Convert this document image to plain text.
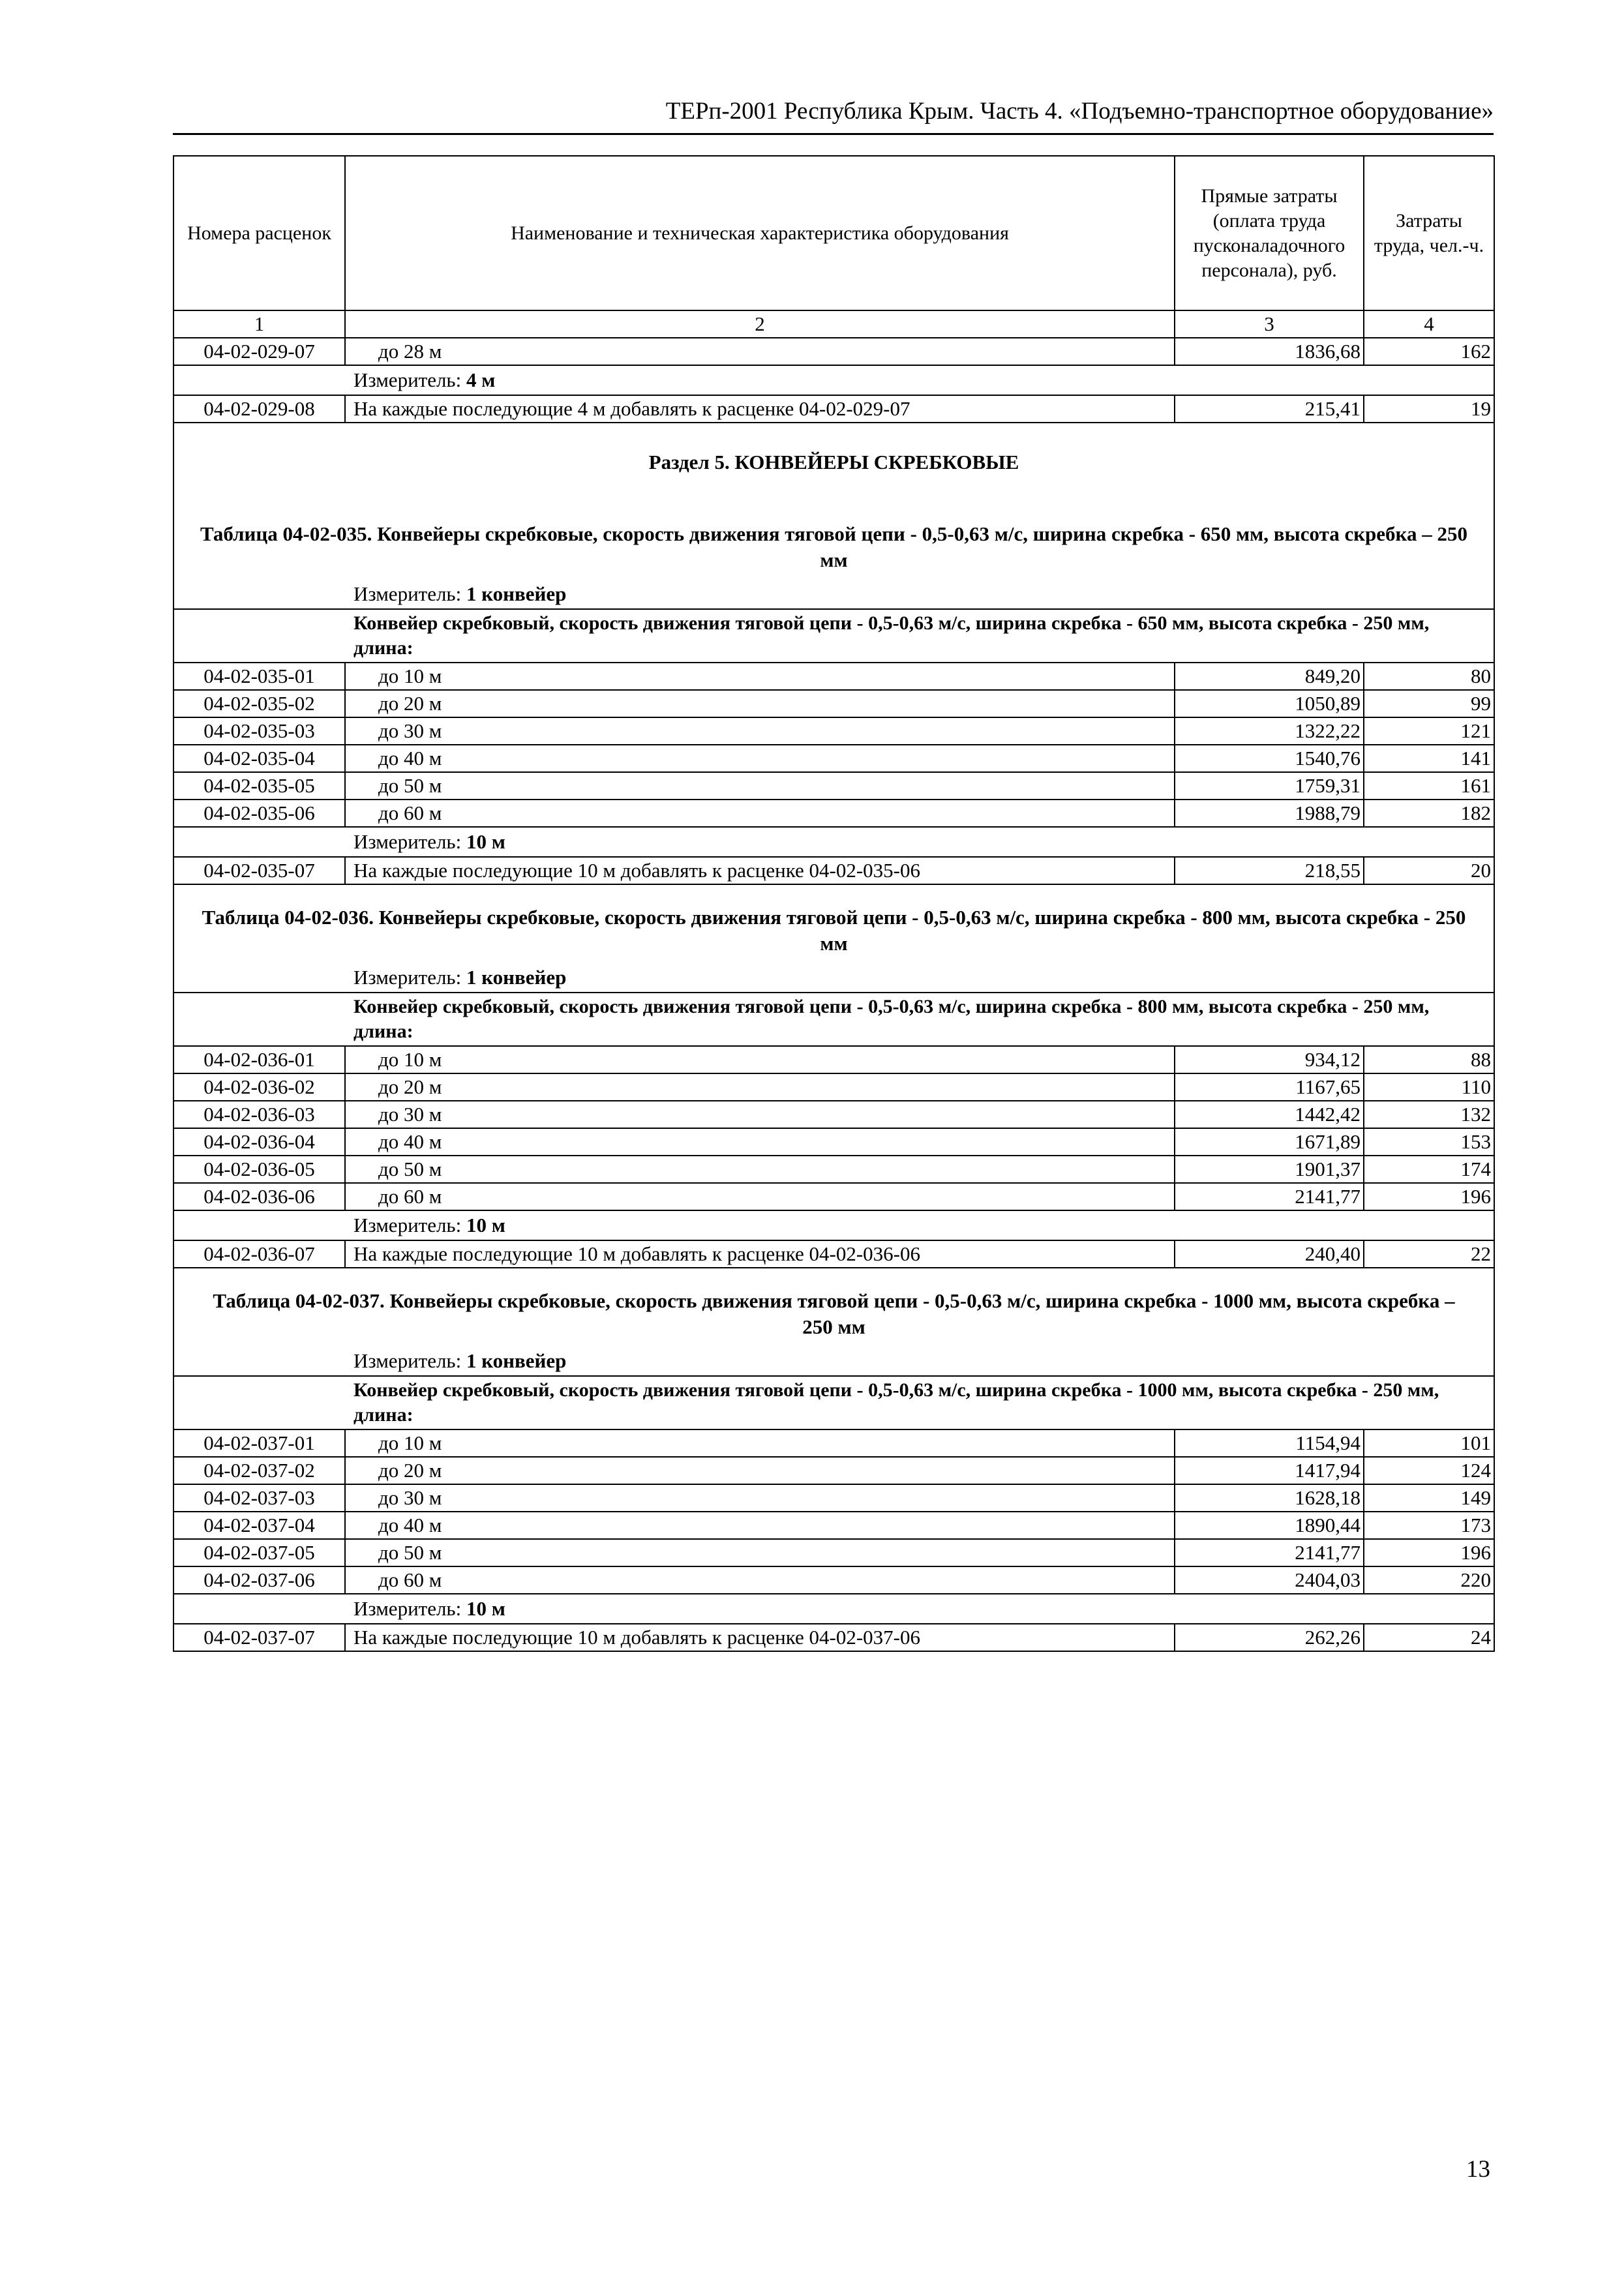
ТЕРп-2001 Республика Крым. Часть 4. «Подъемно-транспортное оборудование»
Номера расценок	Наименование и техническая характеристика оборудования	Прямые затраты (оплата труда пусконаладочного персонала), руб.	Затраты труда, чел.-ч.
1	2	3	4
04-02-029-07	до 28 м	1836,68	162
Измеритель: 4 м			
04-02-029-08	На каждые последующие 4 м добавлять к расценке 04-02-029-07	215,41	19
Раздел 5. КОНВЕЙЕРЫ СКРЕБКОВЫЕ			
Таблица 04-02-035. Конвейеры скребковые, скорость движения тяговой цепи - 0,5-0,63 м/с, ширина скребка - 650 мм, высота скребка – 250 мм			
Измеритель: 1 конвейер			
Конвейер скребковый, скорость движения тяговой цепи - 0,5-0,63 м/с, ширина скребка - 650 мм, высота скребка - 250 мм, длина:			
04-02-035-01	до 10 м	849,20	80
04-02-035-02	до 20 м	1050,89	99
04-02-035-03	до 30 м	1322,22	121
04-02-035-04	до 40 м	1540,76	141
04-02-035-05	до 50 м	1759,31	161
04-02-035-06	до 60 м	1988,79	182
Измеритель: 10 м			
04-02-035-07	На каждые последующие 10 м добавлять к расценке 04-02-035-06	218,55	20
Таблица 04-02-036. Конвейеры скребковые, скорость движения тяговой цепи - 0,5-0,63 м/с, ширина скребка - 800 мм, высота скребка - 250 мм			
Измеритель: 1 конвейер			
Конвейер скребковый, скорость движения тяговой цепи - 0,5-0,63 м/с, ширина скребка - 800 мм, высота скребка - 250 мм, длина:			
04-02-036-01	до 10 м	934,12	88
04-02-036-02	до 20 м	1167,65	110
04-02-036-03	до 30 м	1442,42	132
04-02-036-04	до 40 м	1671,89	153
04-02-036-05	до 50 м	1901,37	174
04-02-036-06	до 60 м	2141,77	196
Измеритель: 10 м			
04-02-036-07	На каждые последующие 10 м добавлять к расценке 04-02-036-06	240,40	22
Таблица 04-02-037. Конвейеры скребковые, скорость движения тяговой цепи - 0,5-0,63 м/с, ширина скребка - 1000 мм, высота скребка – 250 мм			
Измеритель: 1 конвейер			
Конвейер скребковый, скорость движения тяговой цепи - 0,5-0,63 м/с, ширина скребка - 1000 мм, высота скребка - 250 мм, длина:			
04-02-037-01	до 10 м	1154,94	101
04-02-037-02	до 20 м	1417,94	124
04-02-037-03	до 30 м	1628,18	149
04-02-037-04	до 40 м	1890,44	173
04-02-037-05	до 50 м	2141,77	196
04-02-037-06	до 60 м	2404,03	220
Измеритель: 10 м			
04-02-037-07	На каждые последующие 10 м добавлять к расценке 04-02-037-06	262,26	24
13
